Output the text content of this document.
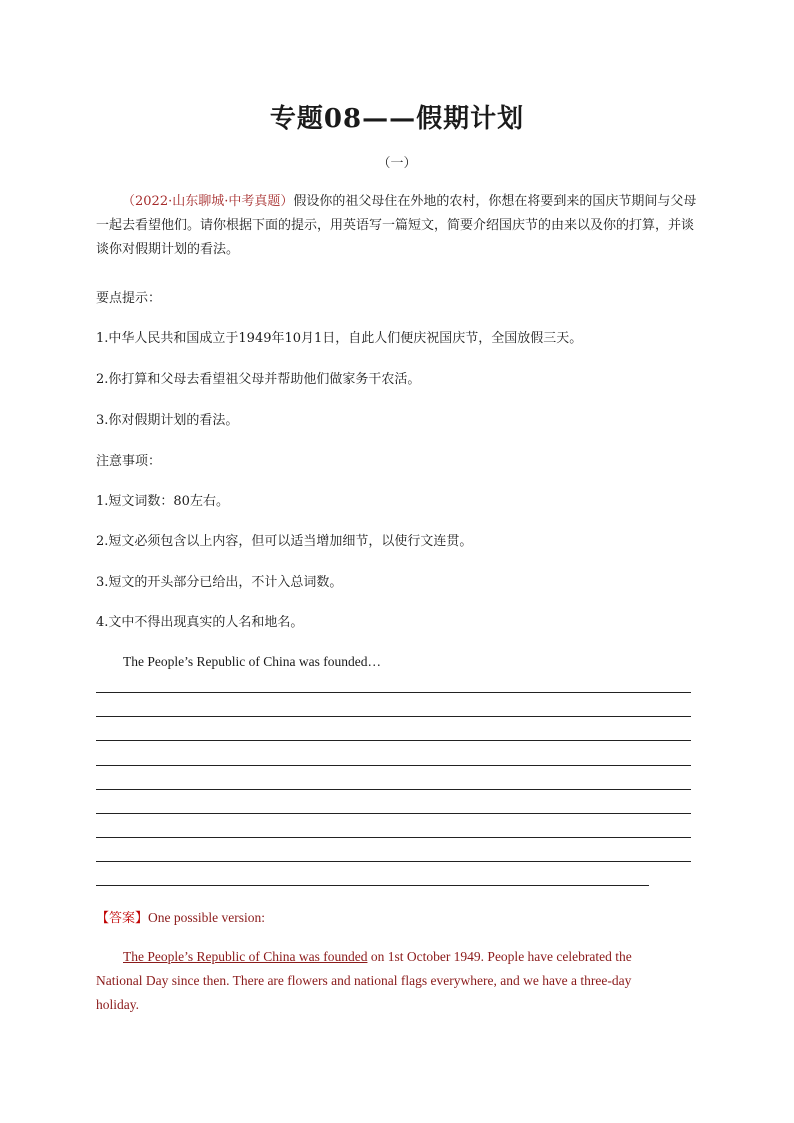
专题08——假期计划

（一）

（2022·山东聊城·中考真题）假设你的祖父母住在外地的农村，你想在将要到来的国庆节期间与父母一起去看望他们。请你根据下面的提示，用英语写一篇短文，简要介绍国庆节的由来以及你的打算，并谈谈你对假期计划的看法。

要点提示：

1.中华人民共和国成立于1949年10月1日，自此人们便庆祝国庆节，全国放假三天。

2.你打算和父母去看望祖父母并帮助他们做家务干农活。

3.你对假期计划的看法。

注意事项：

1.短文词数：80左右。

2.短文必须包含以上内容，但可以适当增加细节，以使行文连贯。

3.短文的开头部分已给出，不计入总词数。

4.文中不得出现真实的人名和地名。

The People’s Republic of China was founded…

【答案】One possible version:

The People’s Republic of China was founded on 1st October 1949. People have celebrated the National Day since then. There are flowers and national flags everywhere, and we have a three-day holiday.
